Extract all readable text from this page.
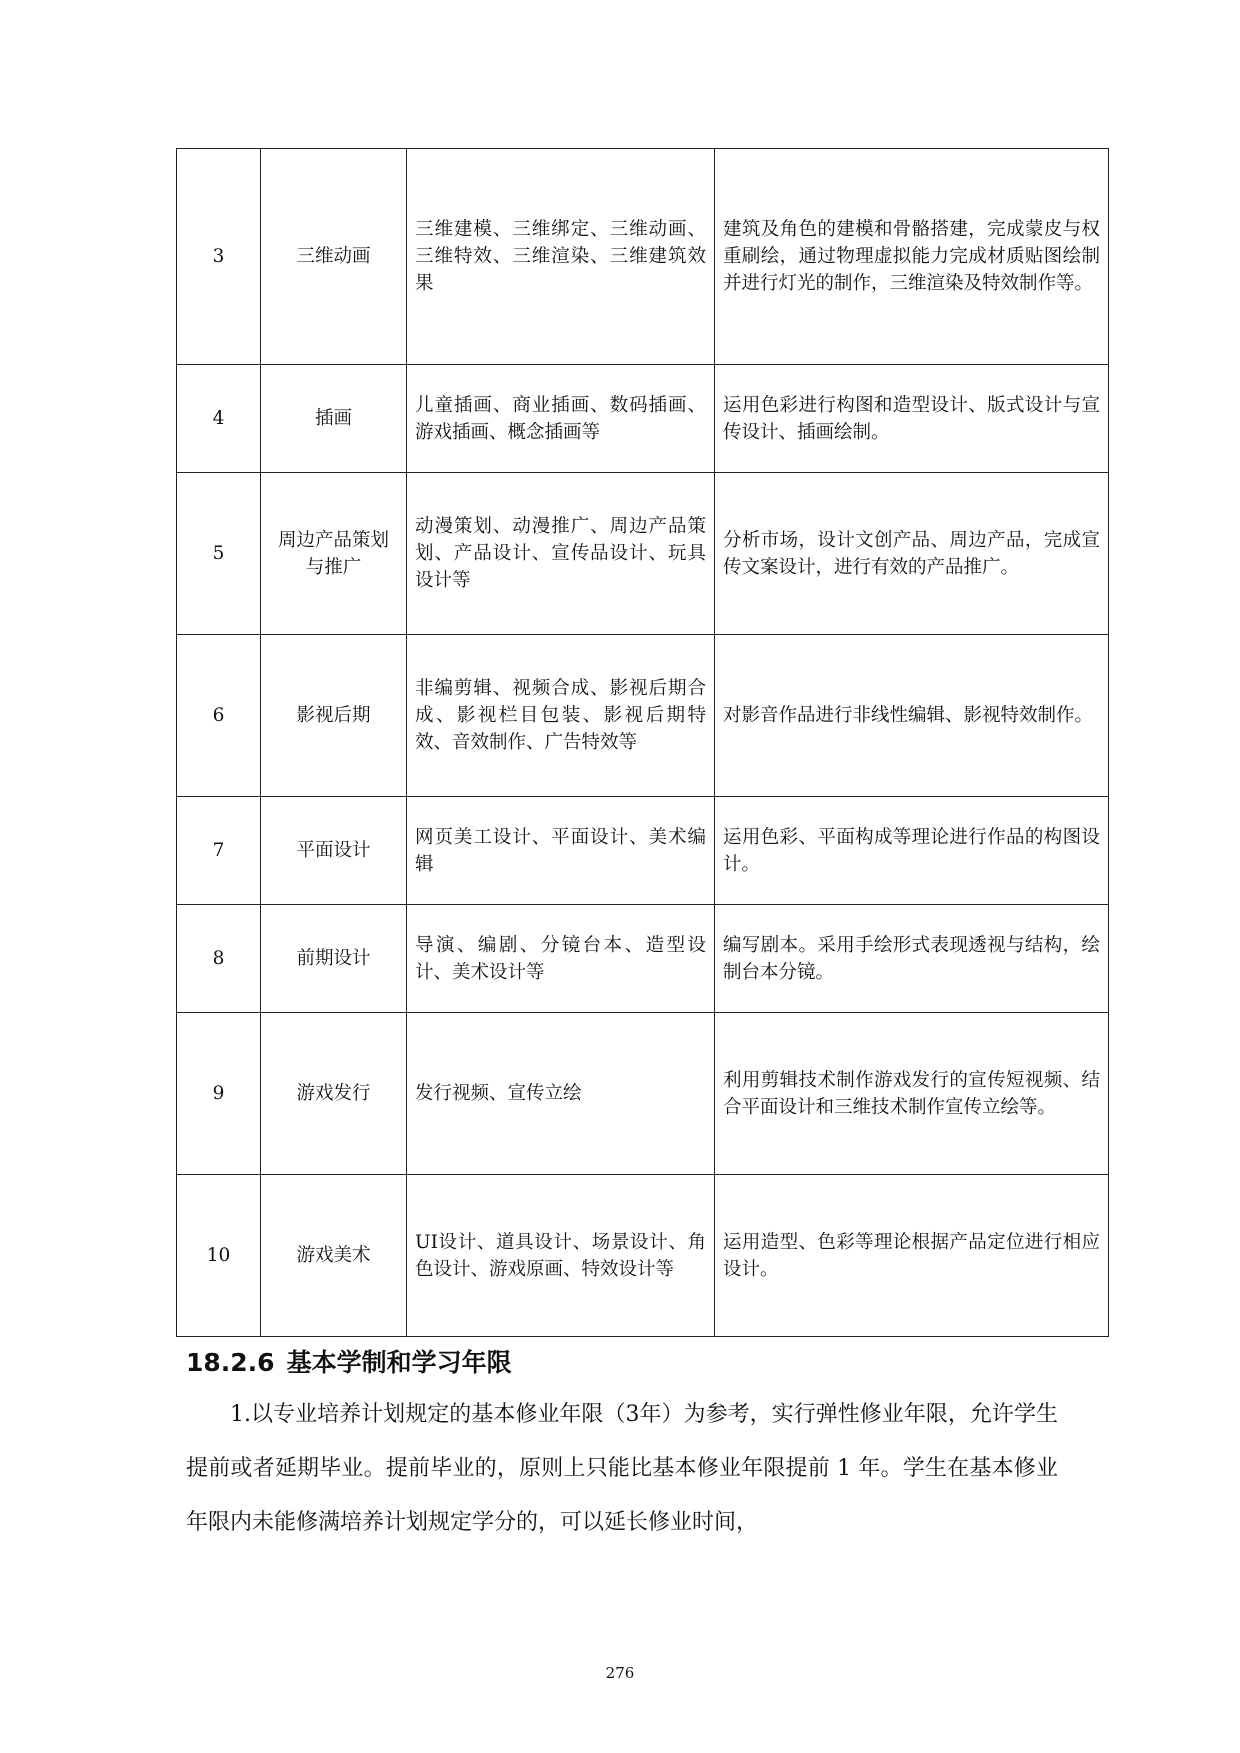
3	三维动画	三维建模、三维绑定、三维动画、三维特效、三维渲染、三维建筑效果	建筑及角色的建模和骨骼搭建，完成蒙皮与权重刷绘，通过物理虚拟能力完成材质贴图绘制并进行灯光的制作，三维渲染及特效制作等。

4	插画	儿童插画、商业插画、数码插画、游戏插画、概念插画等	运用色彩进行构图和造型设计、版式设计与宣传设计、插画绘制。

5	周边产品策划与推广	动漫策划、动漫推广、周边产品策划、产品设计、宣传品设计、玩具设计等	分析市场，设计文创产品、周边产品，完成宣传文案设计，进行有效的产品推广。

6	影视后期	非编剪辑、视频合成、影视后期合成、影视栏目包装、影视后期特效、音效制作、广告特效等	对影音作品进行非线性编辑、影视特效制作。

7	平面设计	网页美工设计、平面设计、美术编辑	运用色彩、平面构成等理论进行作品的构图设计。

8	前期设计	导演、编剧、分镜台本、造型设计、美术设计等	编写剧本。采用手绘形式表现透视与结构，绘制台本分镜。

9	游戏发行	发行视频、宣传立绘	利用剪辑技术制作游戏发行的宣传短视频、结合平面设计和三维技术制作宣传立绘等。

10	游戏美术	UI设计、道具设计、场景设计、角色设计、游戏原画、特效设计等	运用造型、色彩等理论根据产品定位进行相应设计。
18.2.6 基本学制和学习年限
1.以专业培养计划规定的基本修业年限（3年）为参考，实行弹性修业年限，允许学生提前或者延期毕业。提前毕业的，原则上只能比基本修业年限提前 1 年。学生在基本修业年限内未能修满培养计划规定学分的，可以延长修业时间，
276
